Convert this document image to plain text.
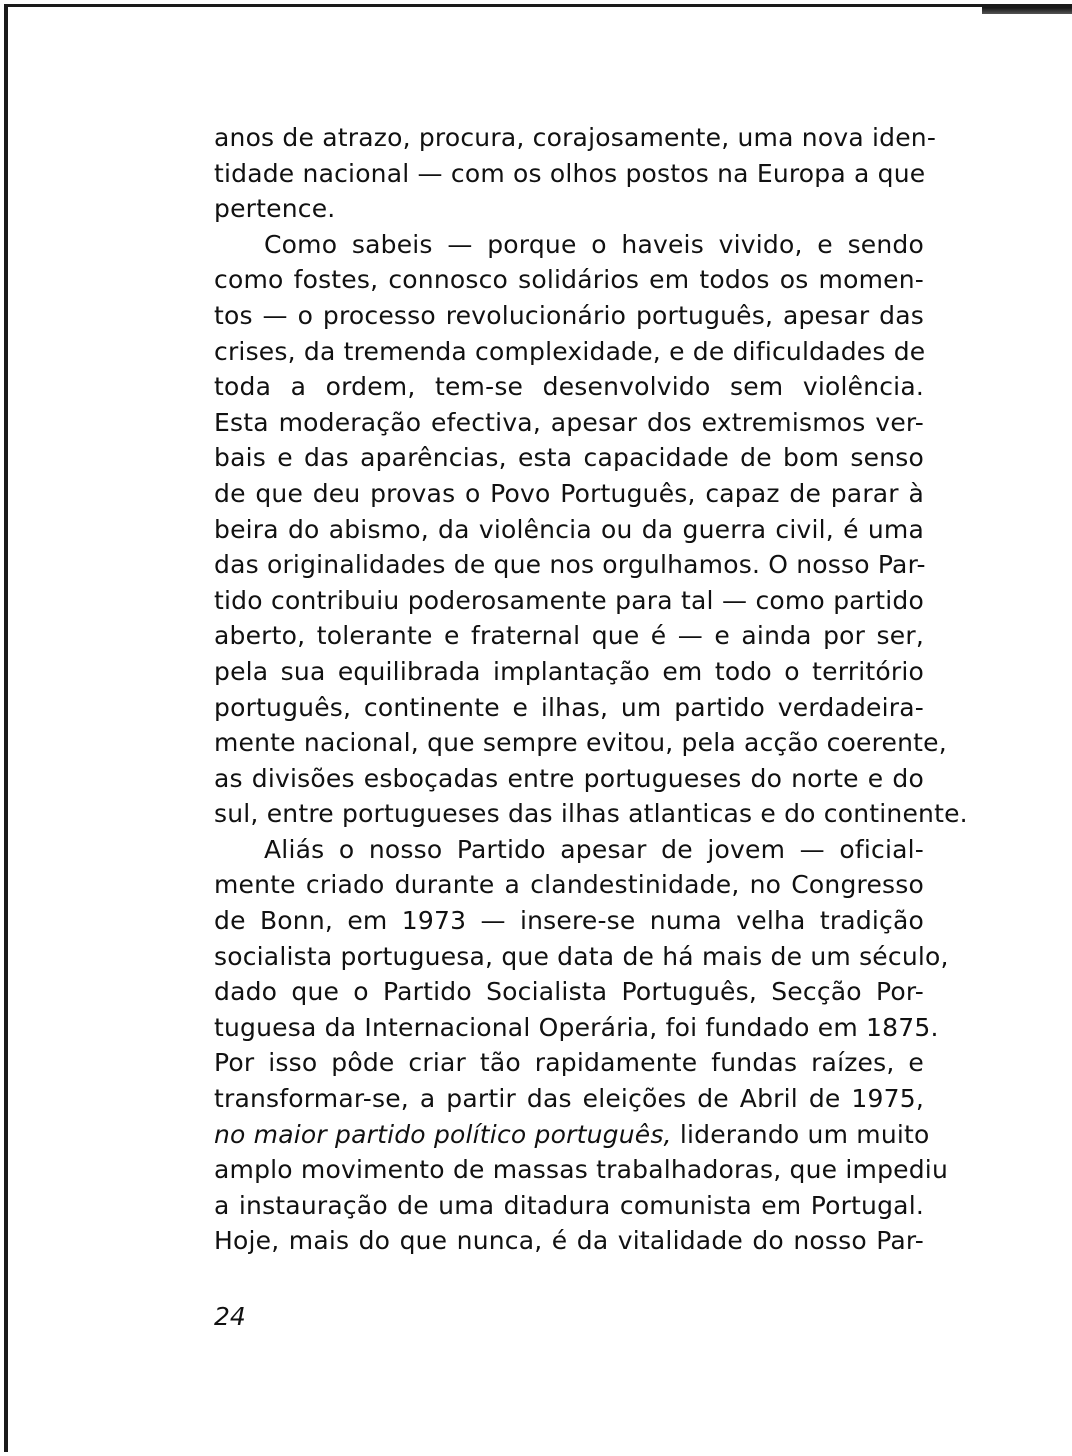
anos de atrazo, procura, corajosamente, uma nova iden-
tidade nacional — com os olhos postos na Europa a que
pertence.
Como sabeis — porque o haveis vivido, e sendo
como fostes, connosco solidários em todos os momen-
tos — o processo revolucionário português, apesar das
crises, da tremenda complexidade, e de dificuldades de
toda a ordem, tem-se desenvolvido sem violência.
Esta moderação efectiva, apesar dos extremismos ver-
bais e das aparências, esta capacidade de bom senso
de que deu provas o Povo Português, capaz de parar à
beira do abismo, da violência ou da guerra civil, é uma
das originalidades de que nos orgulhamos. O nosso Par-
tido contribuiu poderosamente para tal — como partido
aberto, tolerante e fraternal que é — e ainda por ser,
pela sua equilibrada implantação em todo o território
português, continente e ilhas, um partido verdadeira-
mente nacional, que sempre evitou, pela acção coerente,
as divisões esboçadas entre portugueses do norte e do
sul, entre portugueses das ilhas atlanticas e do continente.
Aliás o nosso Partido apesar de jovem — oficial-
mente criado durante a clandestinidade, no Congresso
de Bonn, em 1973 — insere-se numa velha tradição
socialista portuguesa, que data de há mais de um século,
dado que o Partido Socialista Português, Secção Por-
tuguesa da Internacional Operária, foi fundado em 1875.
Por isso pôde criar tão rapidamente fundas raízes, e
transformar-se, a partir das eleições de Abril de 1975,
no maior partido político português, liderando um muito
amplo movimento de massas trabalhadoras, que impediu
a instauração de uma ditadura comunista em Portugal.
Hoje, mais do que nunca, é da vitalidade do nosso Par-
24
